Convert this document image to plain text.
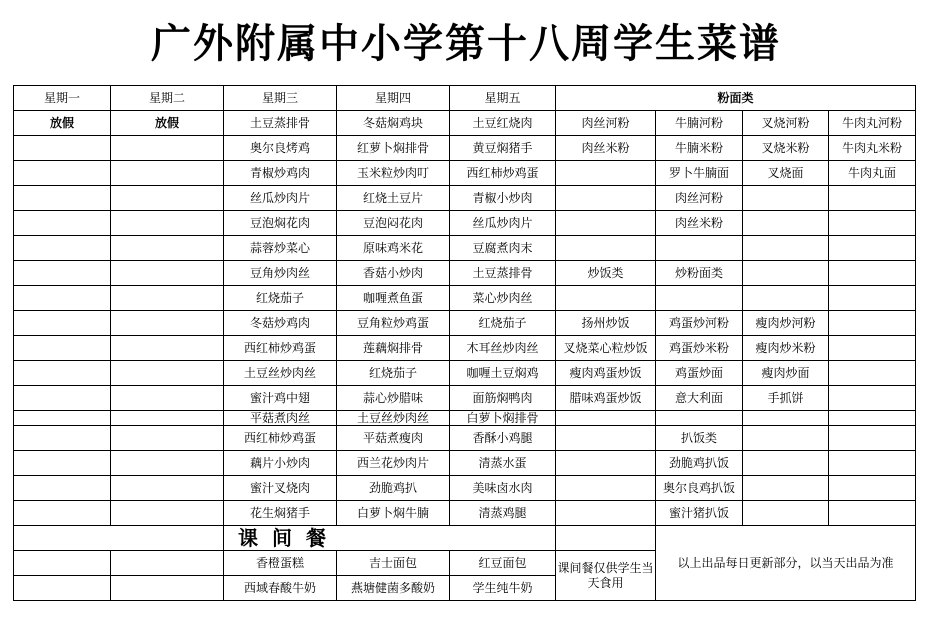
广外附属中小学第十八周学生菜谱
星期一	星期二	星期三	星期四	星期五	粉面类			
放假	放假	土豆蒸排骨	冬菇焖鸡块	土豆红烧肉	肉丝河粉	牛腩河粉	叉烧河粉	牛肉丸河粉
		奥尔良烤鸡	红萝卜焖排骨	黄豆焖猪手	肉丝米粉	牛腩米粉	叉烧米粉	牛肉丸米粉
		青椒炒鸡肉	玉米粒炒肉叮	西红柿炒鸡蛋		罗卜牛腩面	叉烧面	牛肉丸面
		丝瓜炒肉片	红烧土豆片	青椒小炒肉		肉丝河粉		
		豆泡焖花肉	豆泡闷花肉	丝瓜炒肉片		肉丝米粉		
		蒜蓉炒菜心	原味鸡米花	豆腐煮肉末				
		豆角炒肉丝	香菇小炒肉	土豆蒸排骨	炒饭类	炒粉面类		
		红烧茄子	咖喱煮鱼蛋	菜心炒肉丝				
		冬菇炒鸡肉	豆角粒炒鸡蛋	红烧茄子	扬州炒饭	鸡蛋炒河粉	瘦肉炒河粉	
		西红柿炒鸡蛋	莲藕焖排骨	木耳丝炒肉丝	叉烧菜心粒炒饭	鸡蛋炒米粉	瘦肉炒米粉	
		土豆丝炒肉丝	红烧茄子	咖喱土豆焖鸡	瘦肉鸡蛋炒饭	鸡蛋炒面	瘦肉炒面	
		蜜汁鸡中翅	蒜心炒腊味	面筋焖鸭肉	腊味鸡蛋炒饭	意大利面	手抓饼	
		平菇煮肉丝	土豆丝炒肉丝	白萝卜焖排骨				
		西红柿炒鸡蛋	平菇煮瘦肉	香酥小鸡腿		扒饭类		
		藕片小炒肉	西兰花炒肉片	清蒸水蛋		劲脆鸡扒饭		
		蜜汁叉烧肉	劲脆鸡扒	美味卤水肉		奥尔良鸡扒饭		
		花生焖猪手	白萝卜焖牛腩	清蒸鸡腿		蜜汁猪扒饭		
		课间餐				以上出品每日更新部分，以当天出品为准		
		香橙蛋糕	吉士面包	红豆面包	课间餐仅供学生当天食用			
		西域春酸牛奶	燕塘健菌多酸奶	学生纯牛奶				
